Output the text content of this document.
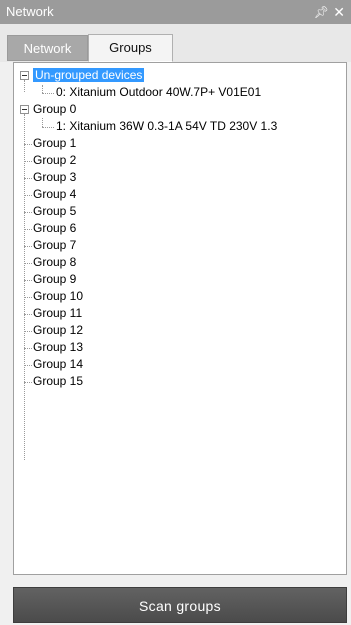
Network	📌︎ ✕
Network	Groups
Un-grouped devices
0: Xitanium Outdoor 40W.7P+ V01E01
Group 0
1: Xitanium 36W 0.3-1A 54V TD 230V 1.3
Group 1
Group 2
Group 3
Group 4
Group 5
Group 6
Group 7
Group 8
Group 9
Group 10
Group 11
Group 12
Group 13
Group 14
Group 15
Scan groups
